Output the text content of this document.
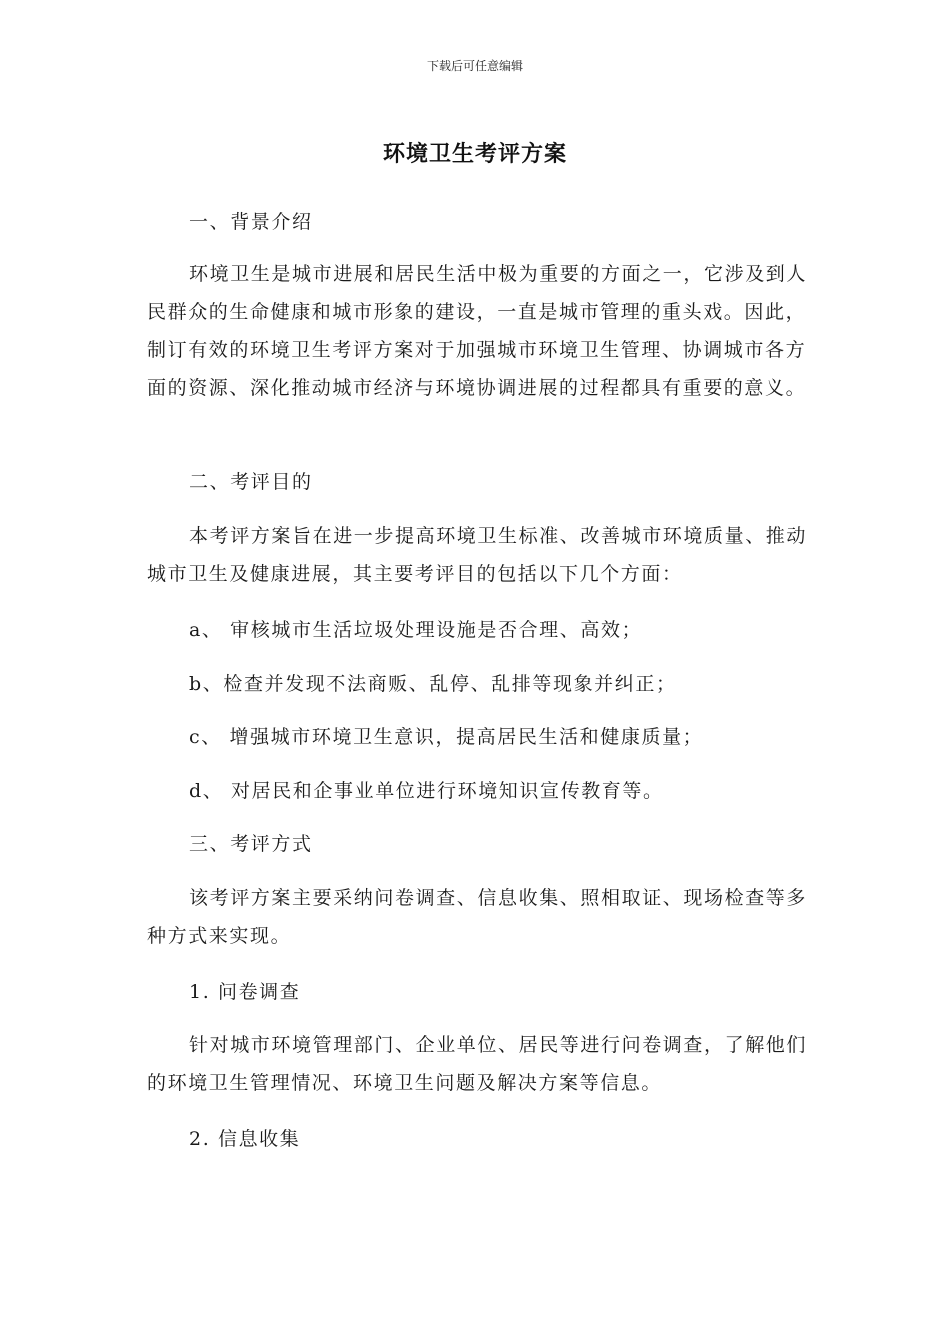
下载后可任意编辑
环境卫生考评方案
一、背景介绍
环境卫生是城市进展和居民生活中极为重要的方面之一，它涉及到人民群众的生命健康和城市形象的建设，一直是城市管理的重头戏。因此，制订有效的环境卫生考评方案对于加强城市环境卫生管理、协调城市各方面的资源、深化推动城市经济与环境协调进展的过程都具有重要的意义。
二、考评目的
本考评方案旨在进一步提高环境卫生标准、改善城市环境质量、推动城市卫生及健康进展，其主要考评目的包括以下几个方面：
a、 审核城市生活垃圾处理设施是否合理、高效；
b、检查并发现不法商贩、乱停、乱排等现象并纠正；
c、 增强城市环境卫生意识，提高居民生活和健康质量；
d、 对居民和企事业单位进行环境知识宣传教育等。
三、考评方式
该考评方案主要采纳问卷调查、信息收集、照相取证、现场检查等多种方式来实现。
1. 问卷调查
针对城市环境管理部门、企业单位、居民等进行问卷调查，了解他们的环境卫生管理情况、环境卫生问题及解决方案等信息。
2. 信息收集
